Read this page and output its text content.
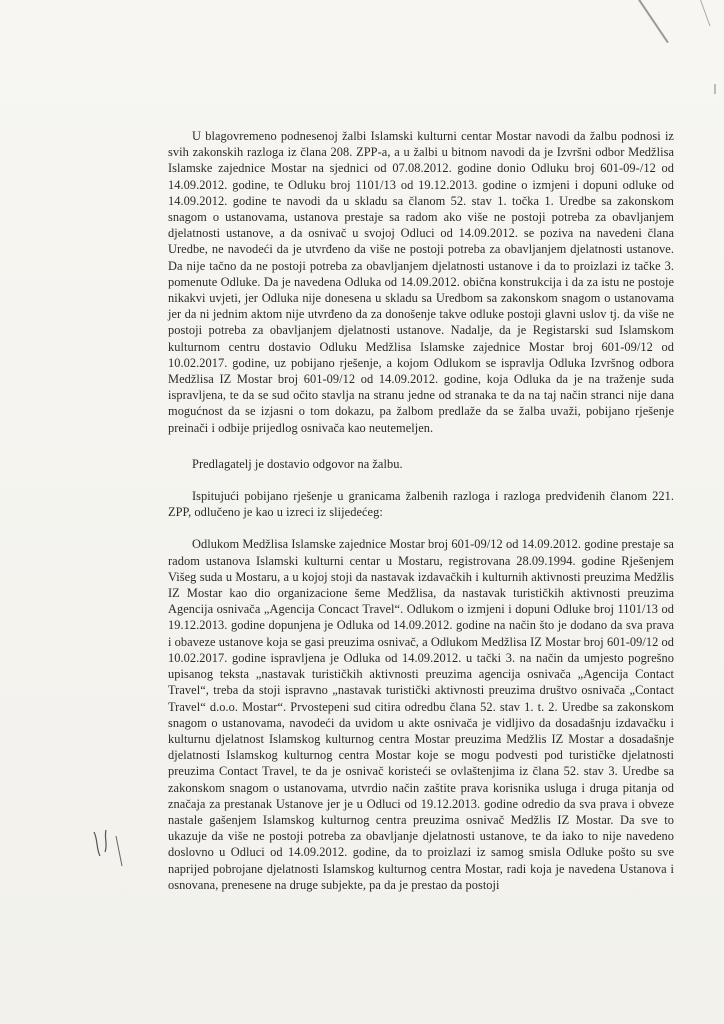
U blagovremeno podnesenoj žalbi Islamski kulturni centar Mostar navodi da žalbu podnosi iz svih zakonskih razloga iz člana 208. ZPP-a, a u žalbi u bitnom navodi da je Izvršni odbor Medžlisa Islamske zajednice Mostar na sjednici od 07.08.2012. godine donio Odluku broj 601-09-/12 od 14.09.2012. godine, te Odluku broj 1101/13 od 19.12.2013. godine o izmjeni i dopuni odluke od 14.09.2012. godine te navodi da u skladu sa članom 52. stav 1. točka 1. Uredbe sa zakonskom snagom o ustanovama, ustanova prestaje sa radom ako više ne postoji potreba za obavljanjem djelatnosti ustanove, a da osnivač u svojoj Odluci od 14.09.2012. se poziva na navedeni člana Uredbe, ne navodeći da je utvrđeno da više ne postoji potreba za obavljanjem djelatnosti ustanove. Da nije tačno da ne postoji potreba za obavljanjem djelatnosti ustanove i da to proizlazi iz tačke 3. pomenute Odluke. Da je navedena Odluka od 14.09.2012. obična konstrukcija i da za istu ne postoje nikakvi uvjeti, jer Odluka nije donesena u skladu sa Uredbom sa zakonskom snagom o ustanovama jer da ni jednim aktom nije utvrđeno da za donošenje takve odluke postoji glavni uslov tj. da više ne postoji potreba za obavljanjem djelatnosti ustanove. Nadalje, da je Registarski sud Islamskom kulturnom centru dostavio Odluku Medžlisa Islamske zajednice Mostar broj 601-09/12 od 10.02.2017. godine, uz pobijano rješenje, a kojom Odlukom se ispravlja Odluka Izvršnog odbora Medžlisa IZ Mostar broj 601-09/12 od 14.09.2012. godine, koja Odluka da je na traženje suda ispravljena, te da se sud očito stavlja na stranu jedne od stranaka te da na taj način stranci nije dana mogućnost da se izjasni o tom dokazu, pa žalbom predlaže da se žalba uvaži, pobijano rješenje preinači i odbije prijedlog osnivača kao neutemeljen.

Predlagatelj je dostavio odgovor na žalbu.

Ispitujući pobijano rješenje u granicama žalbenih razloga i razloga predviđenih članom 221. ZPP, odlučeno je kao u izreci iz slijedećeg:

Odlukom Medžlisa Islamske zajednice Mostar broj 601-09/12 od 14.09.2012. godine prestaje sa radom ustanova Islamski kulturni centar u Mostaru, registrovana 28.09.1994. godine Rješenjem Višeg suda u Mostaru, a u kojoj stoji da nastavak izdavačkih i kulturnih aktivnosti preuzima Medžlis IZ Mostar kao dio organizacione šeme Medžlisa, da nastavak turističkih aktivnosti preuzima Agencija osnivača „Agencija Concact Travel“. Odlukom o izmjeni i dopuni Odluke broj 1101/13 od 19.12.2013. godine dopunjena je Odluka od 14.09.2012. godine na način što je dodano da sva prava i obaveze ustanove koja se gasi preuzima osnivač, a Odlukom Medžlisa IZ Mostar broj 601-09/12 od 10.02.2017. godine ispravljena je Odluka od 14.09.2012. u tački 3. na način da umjesto pogrešno upisanog teksta „nastavak turističkih aktivnosti preuzima agencija osnivača „Agencija Contact Travel“, treba da stoji ispravno „nastavak turistički aktivnosti preuzima društvo osnivača „Contact Travel“ d.o.o. Mostar“. Prvostepeni sud citira odredbu člana 52. stav 1. t. 2. Uredbe sa zakonskom snagom o ustanovama, navodeći da uvidom u akte osnivača je vidljivo da dosadašnju izdavačku i kulturnu djelatnost Islamskog kulturnog centra Mostar preuzima Medžlis IZ Mostar a dosadašnje djelatnosti Islamskog kulturnog centra Mostar koje se mogu podvesti pod turističke djelatnosti preuzima Contact Travel, te da je osnivač koristeći se ovlaštenjima iz člana 52. stav 3. Uredbe sa zakonskom snagom o ustanovama, utvrdio način zaštite prava korisnika usluga i druga pitanja od značaja za prestanak Ustanove jer je u Odluci od 19.12.2013. godine odredio da sva prava i obveze nastale gašenjem Islamskog kulturnog centra preuzima osnivač Medžlis IZ Mostar. Da sve to ukazuje da više ne postoji potreba za obavljanje djelatnosti ustanove, te da iako to nije navedeno doslovno u Odluci od 14.09.2012. godine, da to proizlazi iz samog smisla Odluke pošto su sve naprijed pobrojane djelatnosti Islamskog kulturnog centra Mostar, radi koja je navedena Ustanova i osnovana, prenesene na druge subjekte, pa da je prestao da postoji
